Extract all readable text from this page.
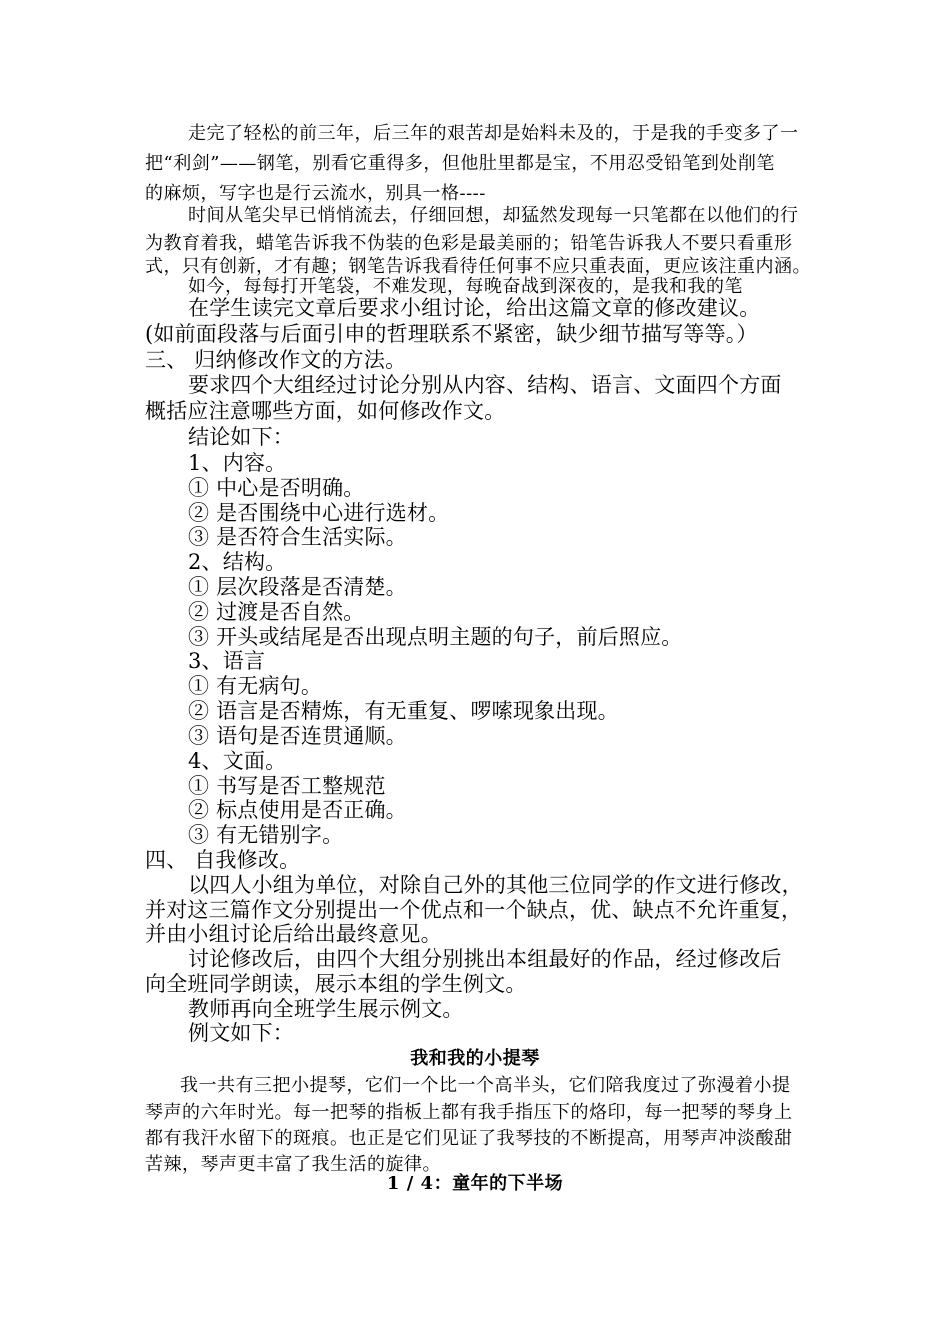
走完了轻松的前三年，后三年的艰苦却是始料未及的，于是我的手变多了一
把“利剑”——钢笔，别看它重得多，但他肚里都是宝，不用忍受铅笔到处削笔
的麻烦，写字也是行云流水，别具一格----
时间从笔尖早已悄悄流去，仔细回想，却猛然发现每一只笔都在以他们的行
为教育着我，蜡笔告诉我不伪装的色彩是最美丽的；铅笔告诉我人不要只看重形
式，只有创新，才有趣；钢笔告诉我看待任何事不应只重表面，更应该注重内涵。
如今，每每打开笔袋，不难发现，每晚奋战到深夜的，是我和我的笔
在学生读完文章后要求小组讨论，给出这篇文章的修改建议。
(如前面段落与后面引申的哲理联系不紧密，缺少细节描写等等。）
三、 归纳修改作文的方法。
要求四个大组经过讨论分别从内容、结构、语言、文面四个方面
概括应注意哪些方面，如何修改作文。
结论如下：
1、内容。
① 中心是否明确。
② 是否围绕中心进行选材。
③ 是否符合生活实际。
2、结构。
① 层次段落是否清楚。
② 过渡是否自然。
③ 开头或结尾是否出现点明主题的句子，前后照应。
3、语言
① 有无病句。
② 语言是否精炼，有无重复、啰嗦现象出现。
③ 语句是否连贯通顺。
4、文面。
① 书写是否工整规范
② 标点使用是否正确。
③ 有无错别字。
四、 自我修改。
以四人小组为单位，对除自己外的其他三位同学的作文进行修改，
并对这三篇作文分别提出一个优点和一个缺点，优、缺点不允许重复，
并由小组讨论后给出最终意见。
讨论修改后，由四个大组分别挑出本组最好的作品，经过修改后
向全班同学朗读，展示本组的学生例文。
教师再向全班学生展示例文。
例文如下：
我和我的小提琴
我一共有三把小提琴，它们一个比一个高半头，它们陪我度过了弥漫着小提
琴声的六年时光。每一把琴的指板上都有我手指压下的烙印，每一把琴的琴身上
都有我汗水留下的斑痕。也正是它们见证了我琴技的不断提高，用琴声冲淡酸甜
苦辣，琴声更丰富了我生活的旋律。
1 / 4：童年的下半场
